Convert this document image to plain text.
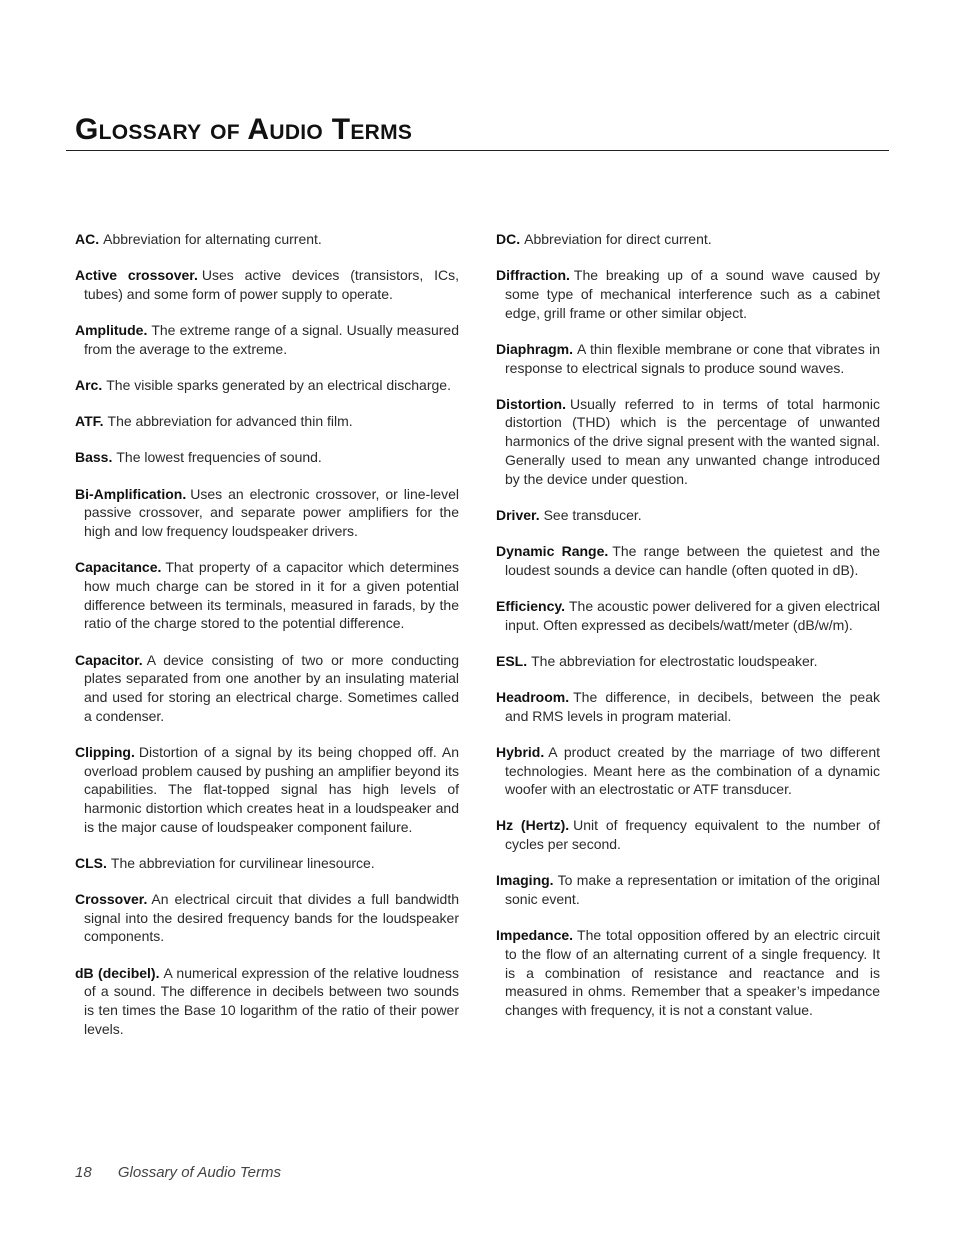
Glossary of Audio Terms

AC. Abbreviation for alternating current.

Active crossover. Uses active devices (transistors, ICs, tubes) and some form of power supply to operate.

Amplitude. The extreme range of a signal. Usually measured from the average to the extreme.

Arc. The visible sparks generated by an electrical discharge.

ATF. The abbreviation for advanced thin film.

Bass. The lowest frequencies of sound.

Bi-Amplification. Uses an electronic crossover, or line-level passive crossover, and separate power amplifiers for the high and low frequency loudspeaker drivers.

Capacitance. That property of a capacitor which determines how much charge can be stored in it for a given potential difference between its terminals, measured in farads, by the ratio of the charge stored to the potential difference.

Capacitor. A device consisting of two or more conducting plates separated from one another by an insulating material and used for storing an electrical charge. Sometimes called a condenser.

Clipping. Distortion of a signal by its being chopped off. An overload problem caused by pushing an amplifier beyond its capabilities. The flat-topped signal has high levels of harmonic distortion which creates heat in a loudspeaker and is the major cause of loudspeaker component failure.

CLS. The abbreviation for curvilinear linesource.

Crossover. An electrical circuit that divides a full bandwidth signal into the desired frequency bands for the loudspeaker components.

dB (decibel). A numerical expression of the relative loudness of a sound. The difference in decibels between two sounds is ten times the Base 10 logarithm of the ratio of their power levels.

DC. Abbreviation for direct current.

Diffraction. The breaking up of a sound wave caused by some type of mechanical interference such as a cabinet edge, grill frame or other similar object.

Diaphragm. A thin flexible membrane or cone that vibrates in response to electrical signals to produce sound waves.

Distortion. Usually referred to in terms of total harmonic distortion (THD) which is the percentage of unwanted harmonics of the drive signal present with the wanted signal. Generally used to mean any unwanted change introduced by the device under question.

Driver. See transducer.

Dynamic Range. The range between the quietest and the loudest sounds a device can handle (often quoted in dB).

Efficiency. The acoustic power delivered for a given electrical input. Often expressed as decibels/watt/meter (dB/w/m).

ESL. The abbreviation for electrostatic loudspeaker.

Headroom. The difference, in decibels, between the peak and RMS levels in program material.

Hybrid. A product created by the marriage of two different technologies. Meant here as the combination of a dynamic woofer with an electrostatic or ATF transducer.

Hz (Hertz). Unit of frequency equivalent to the number of cycles per second.

Imaging. To make a representation or imitation of the original sonic event.

Impedance. The total opposition offered by an electric circuit to the flow of an alternating current of a single frequency. It is a combination of resistance and reactance and is measured in ohms. Remember that a speaker’s impedance changes with frequency, it is not a constant value.

18 Glossary of Audio Terms
